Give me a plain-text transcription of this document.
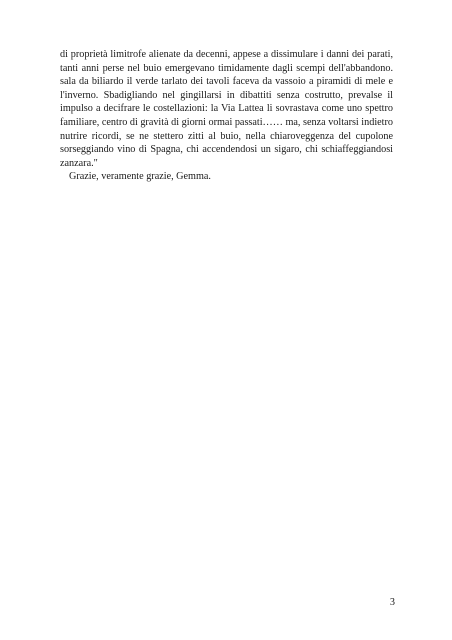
di proprietà limitrofe alienate da decenni, appese a dissimulare i danni dei parati,
tanti anni perse nel buio emergevano timidamente dagli scempi dell'abbandono.
sala da biliardo il verde tarlato dei tavoli faceva da vassoio a piramidi di mele e
l'inverno. Sbadigliando nel gingillarsi in dibattiti senza costrutto, prevalse il
impulso a decifrare le costellazioni: la Via Lattea li sovrastava come uno spettro
familiare, centro di gravità di giorni ormai passati…… ma, senza voltarsi indietro
nutrire ricordi, se ne stettero zitti al buio, nella chiaroveggenza del cupolone
sorseggiando vino di Spagna, chi accendendosi un sigaro, chi schiaffeggiandosi
zanzara."
Grazie, veramente grazie, Gemma.
3
